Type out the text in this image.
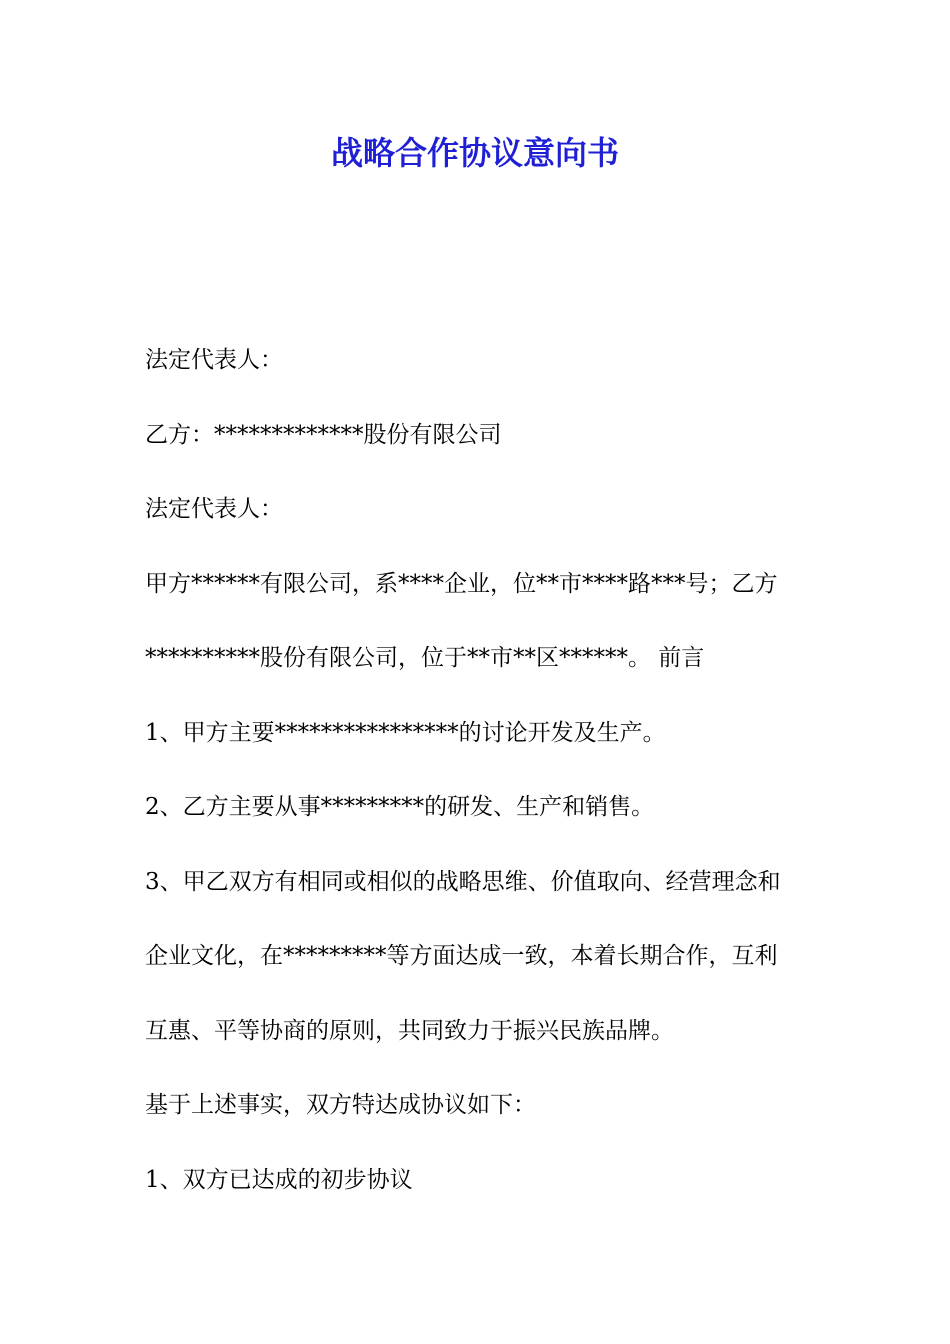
战略合作协议意向书

法定代表人：

乙方：*************股份有限公司

法定代表人：

甲方******有限公司，系****企业，位**市****路***号；乙方

**********股份有限公司，位于**市**区******。 前言

1、甲方主要****************的讨论开发及生产。

2、乙方主要从事*********的研发、生产和销售。

3、甲乙双方有相同或相似的战略思维、价值取向、经营理念和

企业文化，在*********等方面达成一致，本着长期合作，互利

互惠、平等协商的原则，共同致力于振兴民族品牌。

基于上述事实，双方特达成协议如下：

1、双方已达成的初步协议
